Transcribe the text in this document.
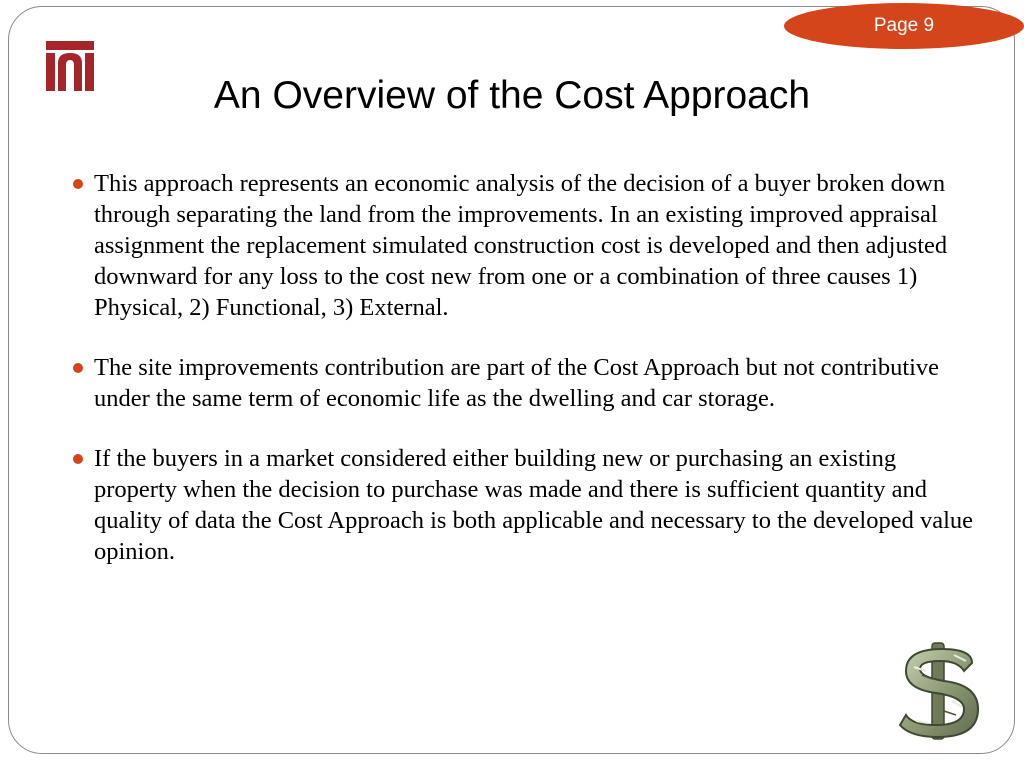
Page 9
An Overview of the Cost Approach
This approach represents an economic analysis of the decision of a buyer broken down through separating the land from the improvements. In an existing improved appraisal assignment the replacement simulated construction cost is developed and then adjusted downward for any loss to the cost new from one or a combination of three causes 1) Physical, 2) Functional, 3) External.
The site improvements contribution are part of the Cost Approach but not contributive under the same term of economic life as the dwelling and car storage.
If the buyers in a market considered either building new or purchasing an existing property when the decision to purchase was made and there is sufficient quantity and quality of data the Cost Approach is both applicable and necessary to the developed value opinion.
